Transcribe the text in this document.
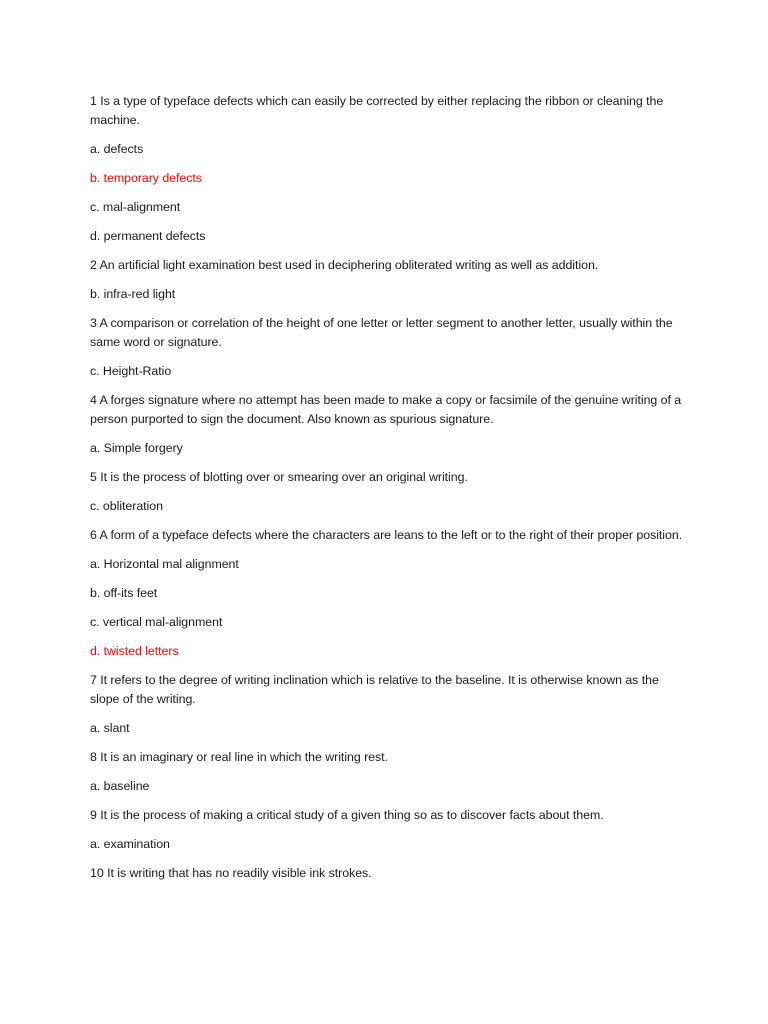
1 Is a type of typeface defects which can easily be corrected by either replacing the ribbon or cleaning the machine.

a. defects

b. temporary defects

c. mal-alignment

d. permanent defects

2 An artificial light examination best used in deciphering obliterated writing as well as addition.

b. infra-red light

3 A comparison or correlation of the height of one letter or letter segment to another letter, usually within the same word or signature.

c. Height-Ratio

4 A forges signature where no attempt has been made to make a copy or facsimile of the genuine writing of a person purported to sign the document. Also known as spurious signature.

a. Simple forgery

5 It is the process of blotting over or smearing over an original writing.

c. obliteration

6 A form of a typeface defects where the characters are leans to the left or to the right of their proper position.

a. Horizontal mal alignment

b. off-its feet

c. vertical mal-alignment

d. twisted letters

7 It refers to the degree of writing inclination which is relative to the baseline. It is otherwise known as the slope of the writing.

a. slant

8 It is an imaginary or real line in which the writing rest.

a. baseline

9 It is the process of making a critical study of a given thing so as to discover facts about them.

a. examination

10 It is writing that has no readily visible ink strokes.
